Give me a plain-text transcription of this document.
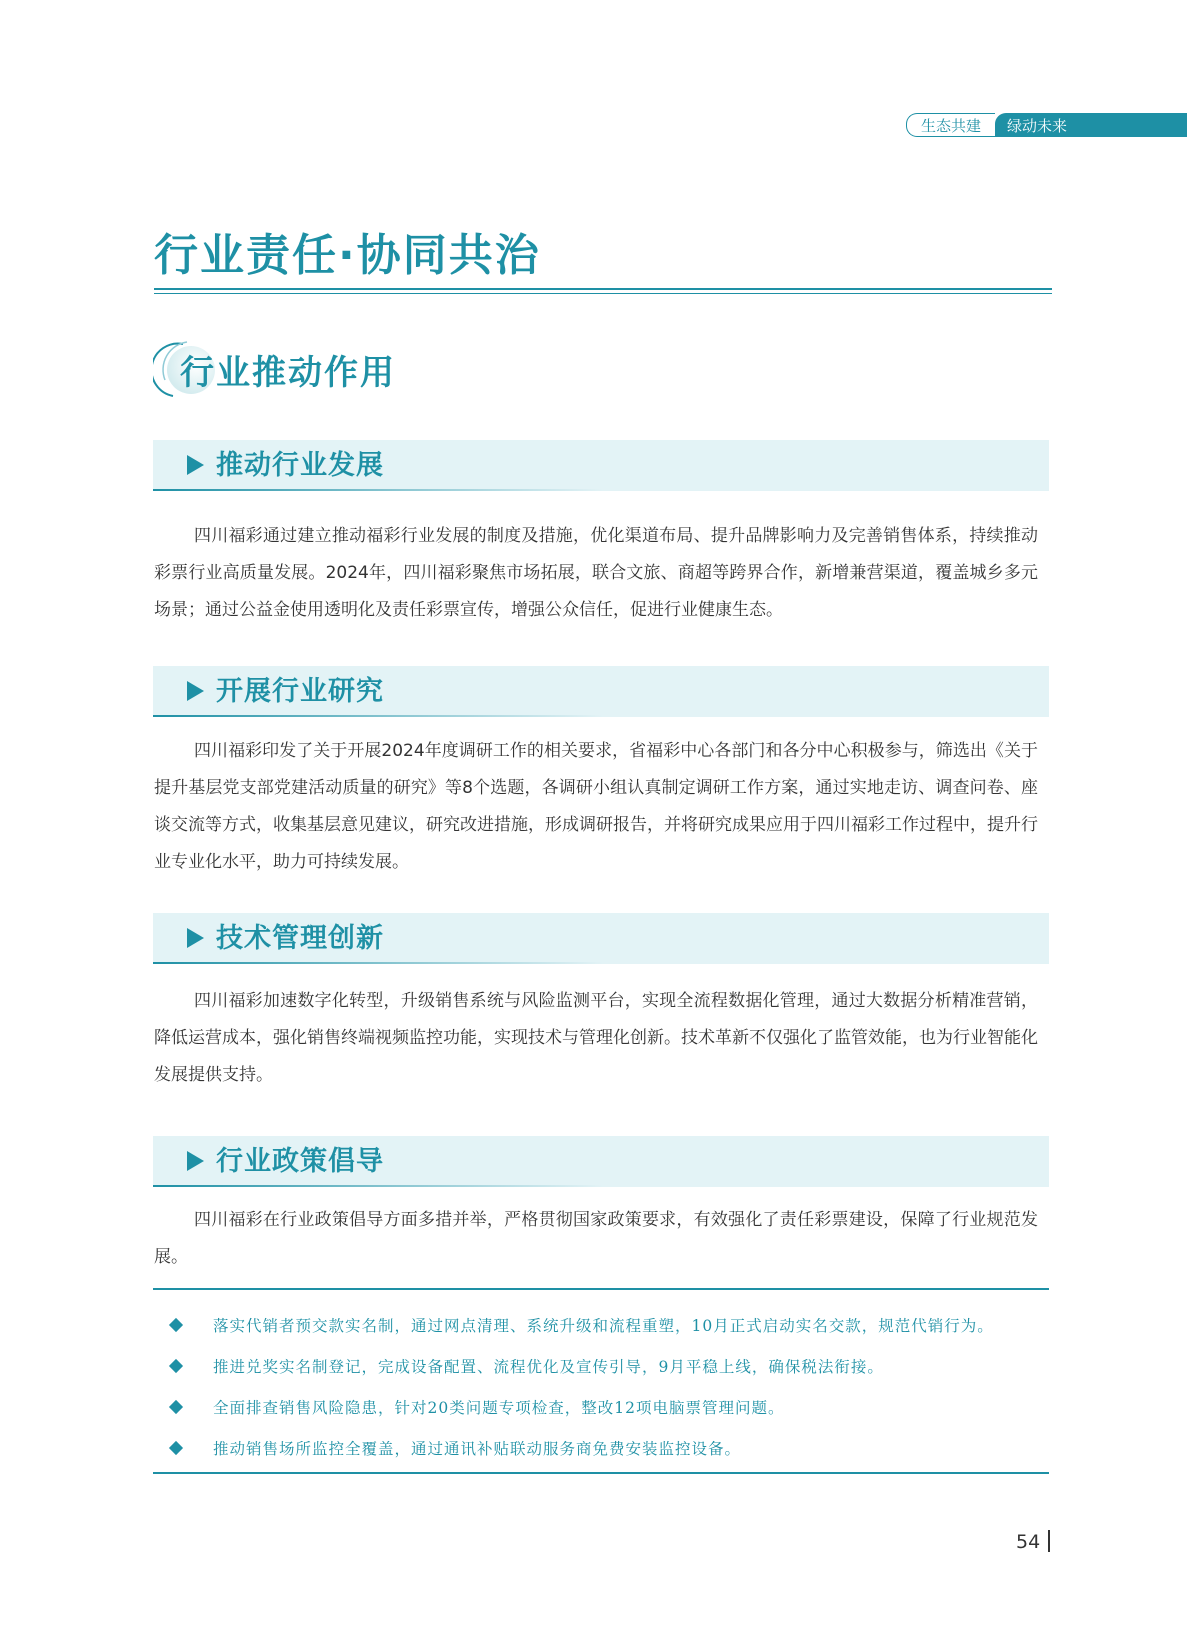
生态共建	绿动未来
行业责任·协同共治
行业推动作用
推动行业发展

四川福彩通过建立推动福彩行业发展的制度及措施，优化渠道布局、提升品牌影响力及完善销售体系，持续推动彩票行业高质量发展。2024年，四川福彩聚焦市场拓展，联合文旅、商超等跨界合作，新增兼营渠道，覆盖城乡多元场景；通过公益金使用透明化及责任彩票宣传，增强公众信任，促进行业健康生态。

开展行业研究

四川福彩印发了关于开展2024年度调研工作的相关要求，省福彩中心各部门和各分中心积极参与，筛选出《关于提升基层党支部党建活动质量的研究》等8个选题，各调研小组认真制定调研工作方案，通过实地走访、调查问卷、座谈交流等方式，收集基层意见建议，研究改进措施，形成调研报告，并将研究成果应用于四川福彩工作过程中，提升行业专业化水平，助力可持续发展。

技术管理创新

四川福彩加速数字化转型，升级销售系统与风险监测平台，实现全流程数据化管理，通过大数据分析精准营销，降低运营成本，强化销售终端视频监控功能，实现技术与管理化创新。技术革新不仅强化了监管效能，也为行业智能化发展提供支持。

行业政策倡导

四川福彩在行业政策倡导方面多措并举，严格贯彻国家政策要求，有效强化了责任彩票建设，保障了行业规范发展。

落实代销者预交款实名制，通过网点清理、系统升级和流程重塑，10月正式启动实名交款，规范代销行为。
推进兑奖实名制登记，完成设备配置、流程优化及宣传引导，9月平稳上线，确保税法衔接。
全面排查销售风险隐患，针对20类问题专项检查，整改12项电脑票管理问题。
推动销售场所监控全覆盖，通过通讯补贴联动服务商免费安装监控设备。
54
